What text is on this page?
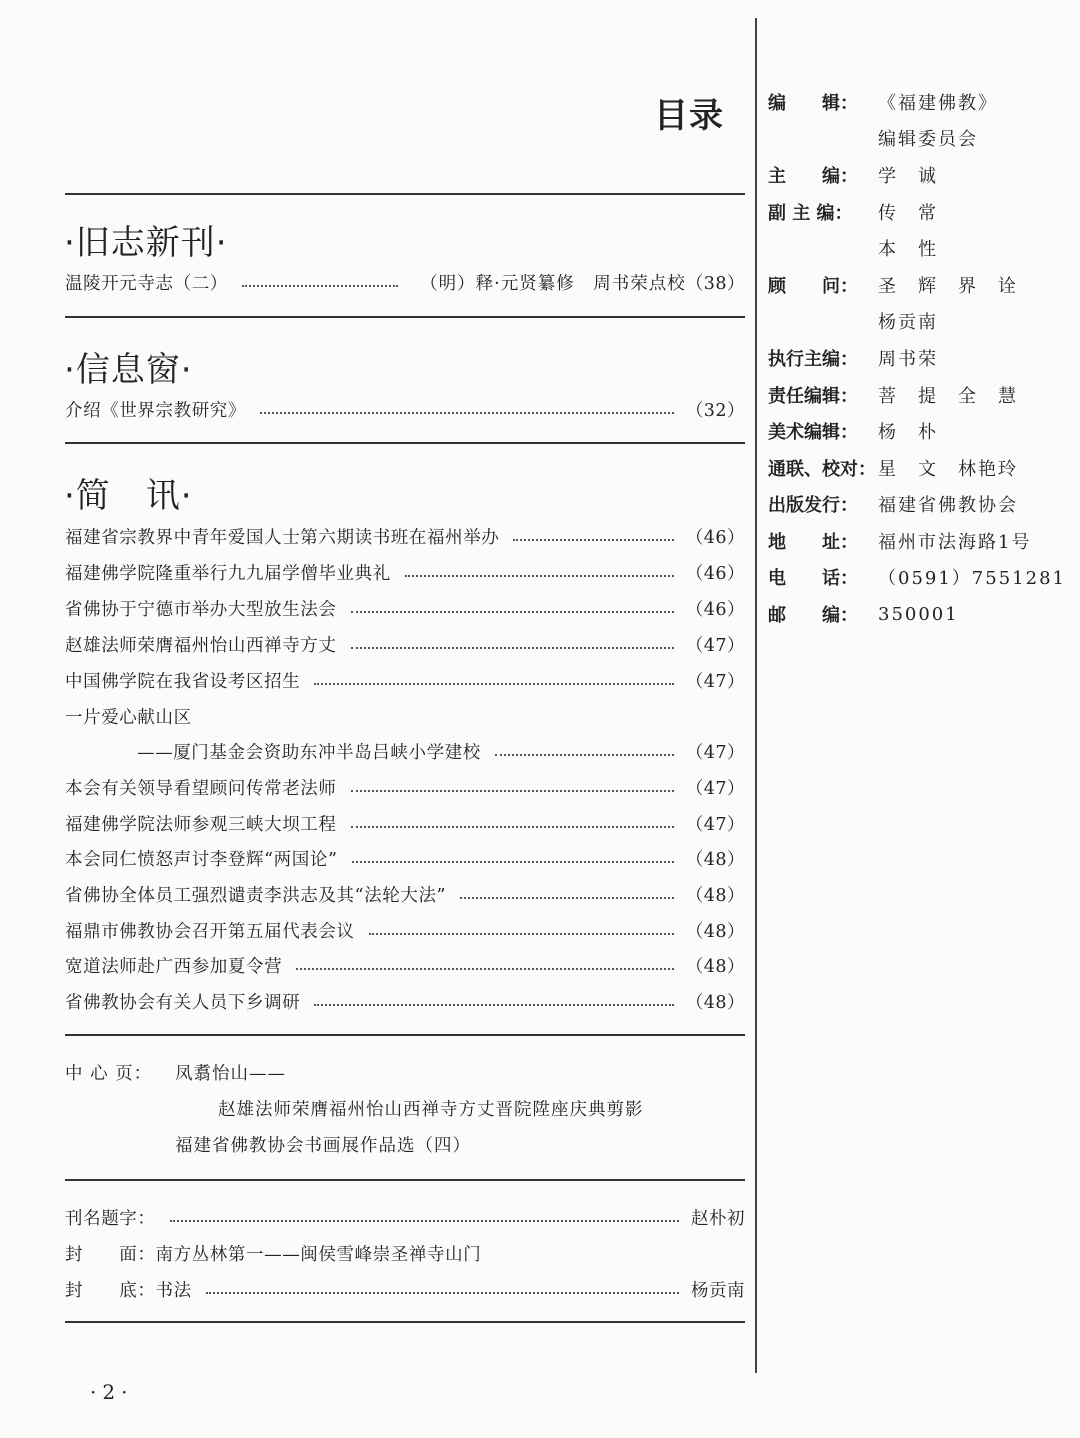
目录
·旧志新刊·
温陵开元寺志（二）	（明）释·元贤纂修　周书荣点校 （38）
·信息窗·
介绍《世界宗教研究》	（32）
·简　讯·
福建省宗教界中青年爱国人士第六期读书班在福州举办	（46）
福建佛学院隆重举行九九届学僧毕业典礼	（46）
省佛协于宁德市举办大型放生法会	（46）
赵雄法师荣膺福州怡山西禅寺方丈	（47）
中国佛学院在我省设考区招生	（47）
一片爱心献山区
——厦门基金会资助东冲半岛吕峡小学建校	（47）
本会有关领导看望顾问传常老法师	（47）
福建佛学院法师参观三峡大坝工程	（47）
本会同仁愤怒声讨李登辉“两国论”	（48）
省佛协全体员工强烈谴责李洪志及其“法轮大法”	（48）
福鼎市佛教协会召开第五届代表会议	（48）
宽道法师赴广西参加夏令营	（48）
省佛教协会有关人员下乡调研	（48）
中 心 页： 凤翥怡山——
赵雄法师荣膺福州怡山西禅寺方丈晋院陞座庆典剪影
福建省佛教协会书画展作品选（四）
刊名题字：	赵朴初
封　　面： 南方丛林第一——闽侯雪峰崇圣禅寺山门
封　　底： 书法	杨贡南
编　　辑：	《福建佛教》
编辑委员会
主　　编：	学　诚
副 主 编：	传　常
本　性
顾　　问：	圣　辉　界　诠
杨贡南
执行主编：	周书荣
责任编辑：	菩　提　全　慧
美术编辑：	杨　朴
通联、校对： 星　文　林艳玲
出版发行：	福建省佛教协会
地　　址：	福州市法海路1号
电　　话：	（0591）7551281
邮　　编：	350001
·2·
